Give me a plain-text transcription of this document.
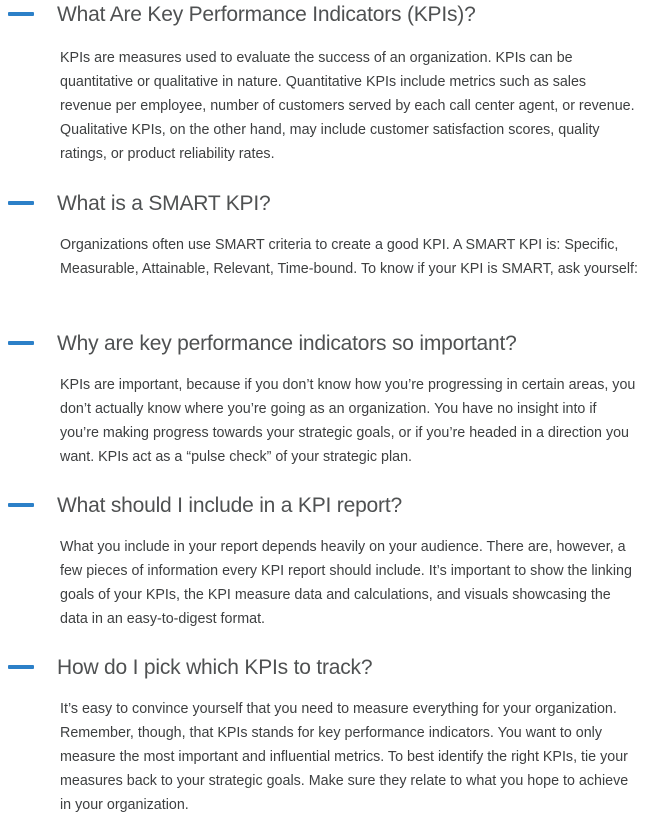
What Are Key Performance Indicators (KPIs)?

KPIs are measures used to evaluate the success of an organization. KPIs can be quantitative or qualitative in nature. Quantitative KPIs include metrics such as sales revenue per employee, number of customers served by each call center agent, or revenue. Qualitative KPIs, on the other hand, may include customer satisfaction scores, quality ratings, or product reliability rates.

What is a SMART KPI?

Organizations often use SMART criteria to create a good KPI. A SMART KPI is: Specific, Measurable, Attainable, Relevant, Time-bound. To know if your KPI is SMART, ask yourself:

Why are key performance indicators so important?

KPIs are important, because if you don’t know how you’re progressing in certain areas, you don’t actually know where you’re going as an organization. You have no insight into if you’re making progress towards your strategic goals, or if you’re headed in a direction you want. KPIs act as a “pulse check” of your strategic plan.

What should I include in a KPI report?

What you include in your report depends heavily on your audience. There are, however, a few pieces of information every KPI report should include. It’s important to show the linking goals of your KPIs, the KPI measure data and calculations, and visuals showcasing the data in an easy-to-digest format.

How do I pick which KPIs to track?

It’s easy to convince yourself that you need to measure everything for your organization. Remember, though, that KPIs stands for key performance indicators. You want to only measure the most important and influential metrics. To best identify the right KPIs, tie your measures back to your strategic goals. Make sure they relate to what you hope to achieve in your organization.
